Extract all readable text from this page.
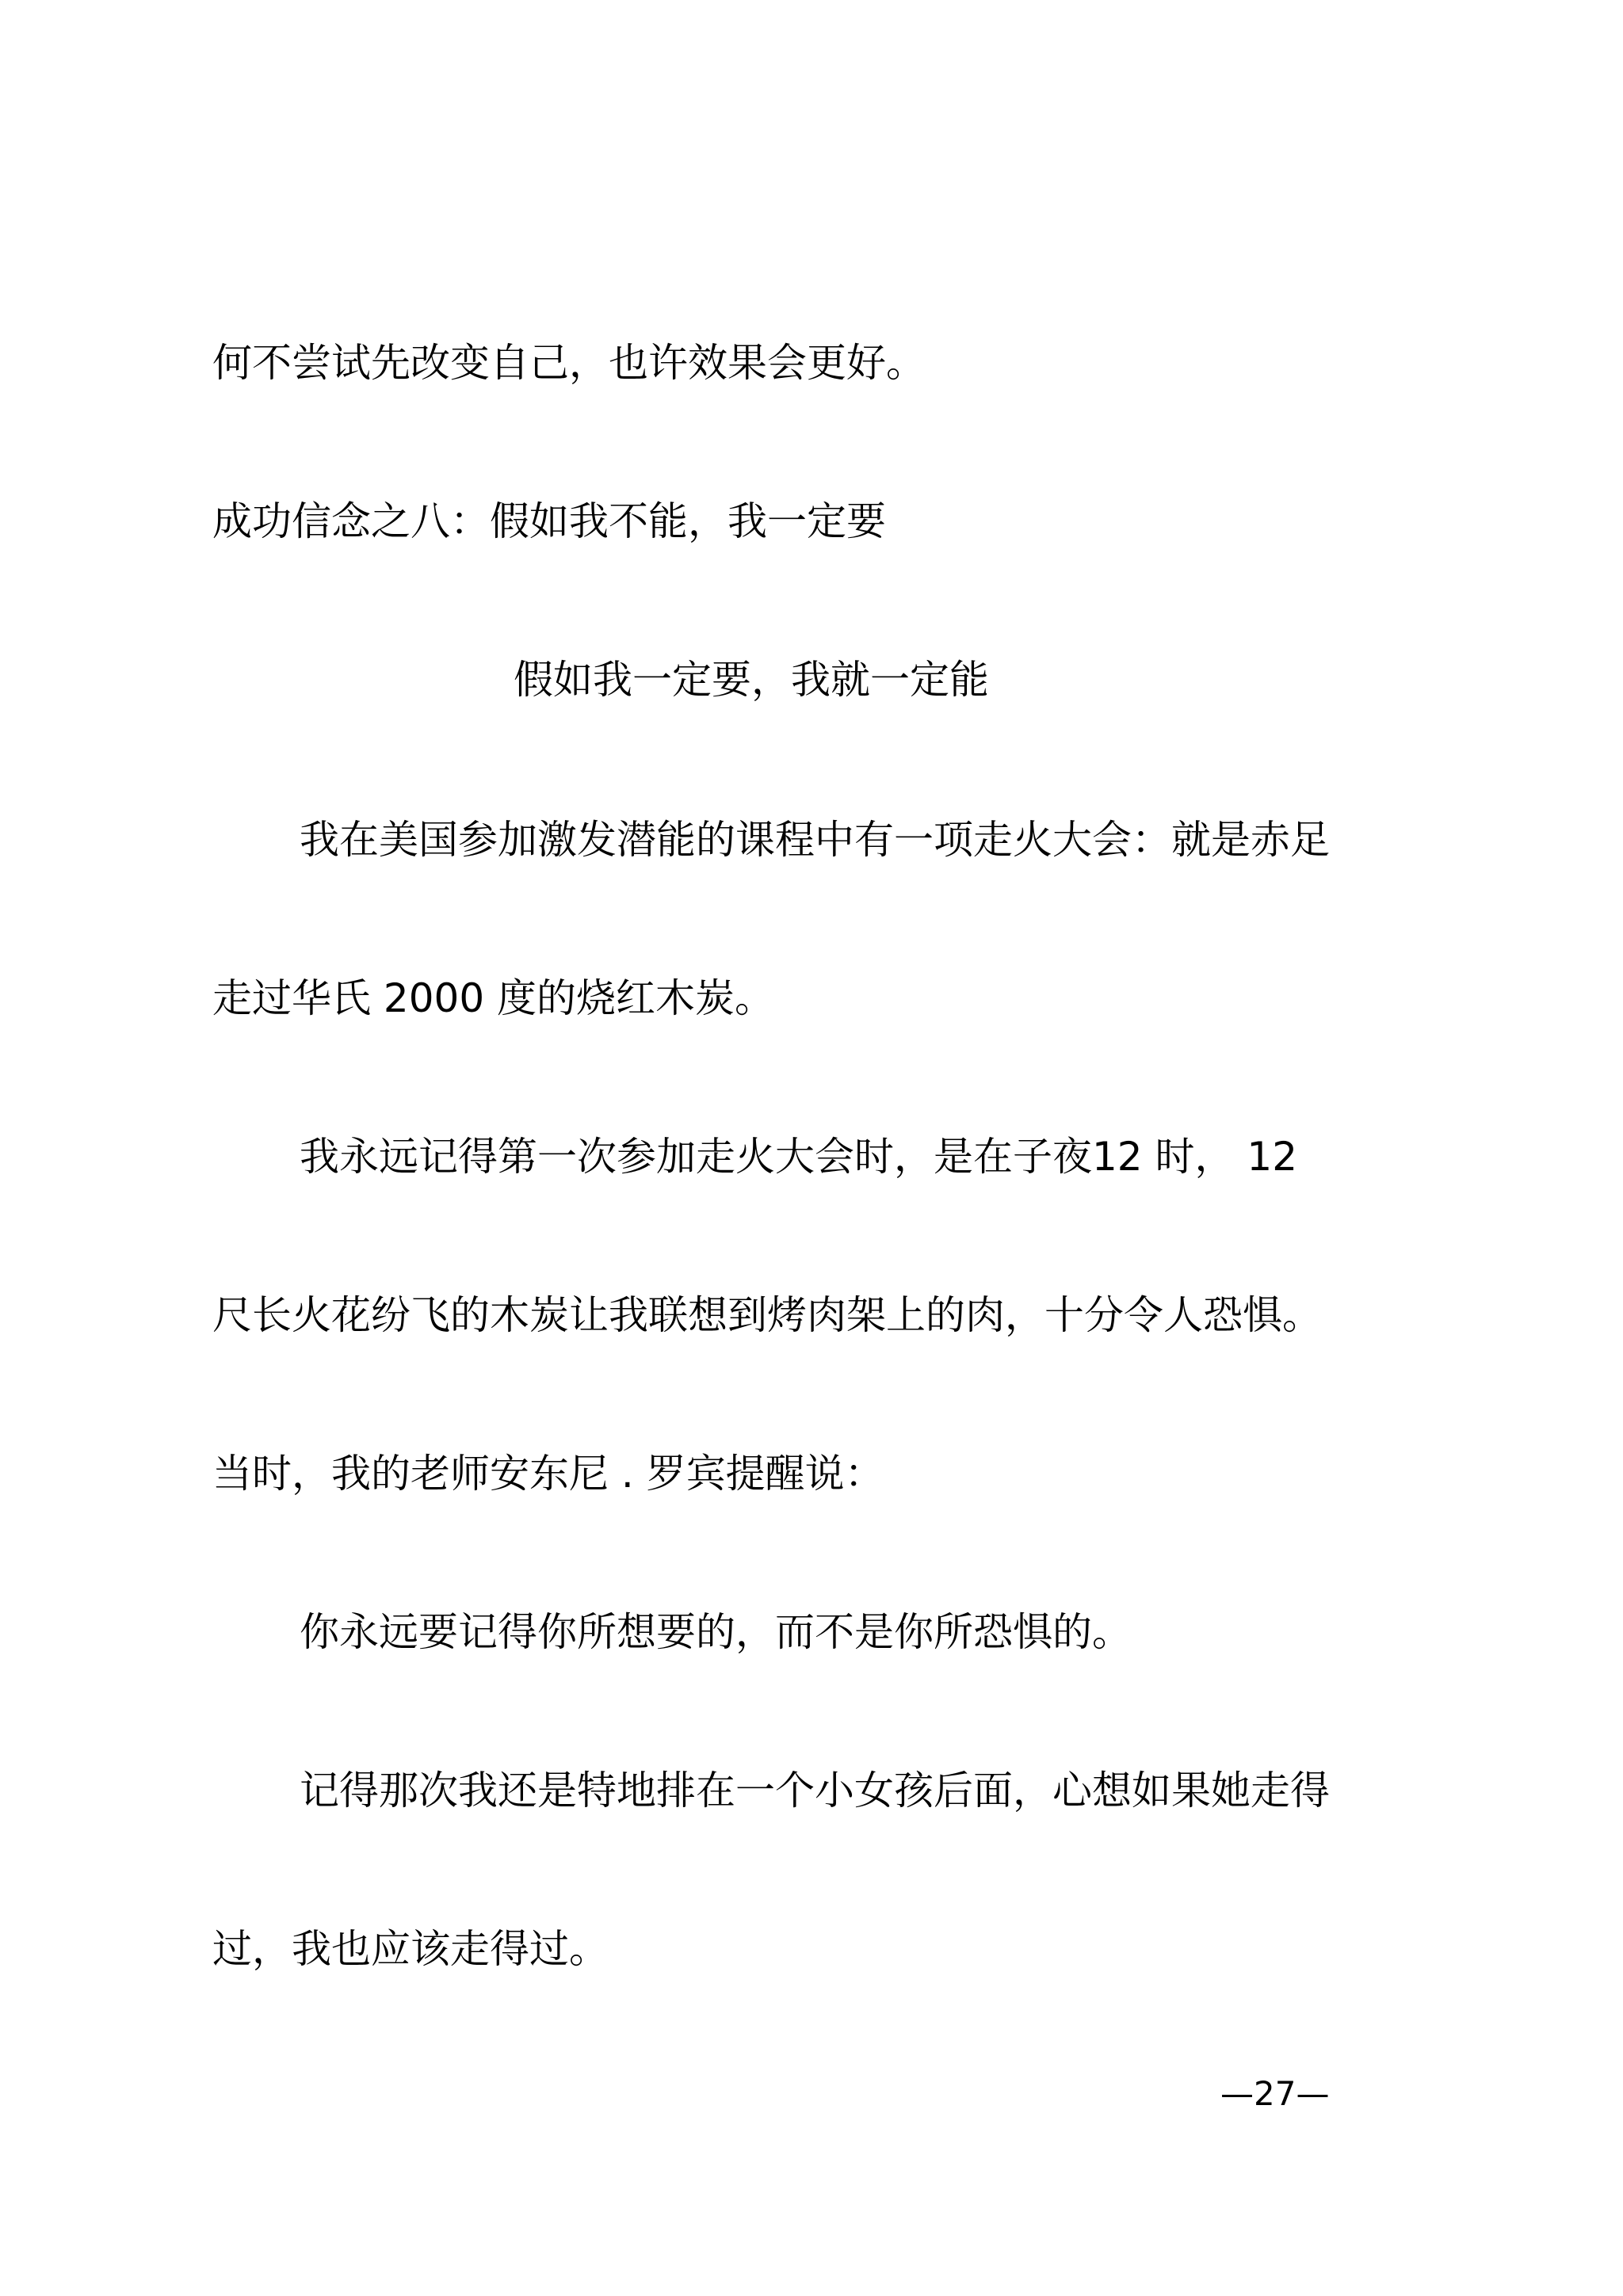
何不尝试先改变自己，也许效果会更好。

成功信念之八：假如我不能，我一定要

假如我一定要，我就一定能

我在美国参加激发潜能的课程中有一项走火大会：就是赤足

走过华氏 2000 度的烧红木炭。

我永远记得第一次参加走火大会时，是在子夜12 时， 12

尺长火花纷飞的木炭让我联想到烤肉架上的肉，十分令人恐惧。

当时，我的老师安东尼 . 罗宾提醒说：

你永远要记得你所想要的，而不是你所恐惧的。

记得那次我还是特地排在一个小女孩后面，心想如果她走得

过，我也应该走得过。

—27—
